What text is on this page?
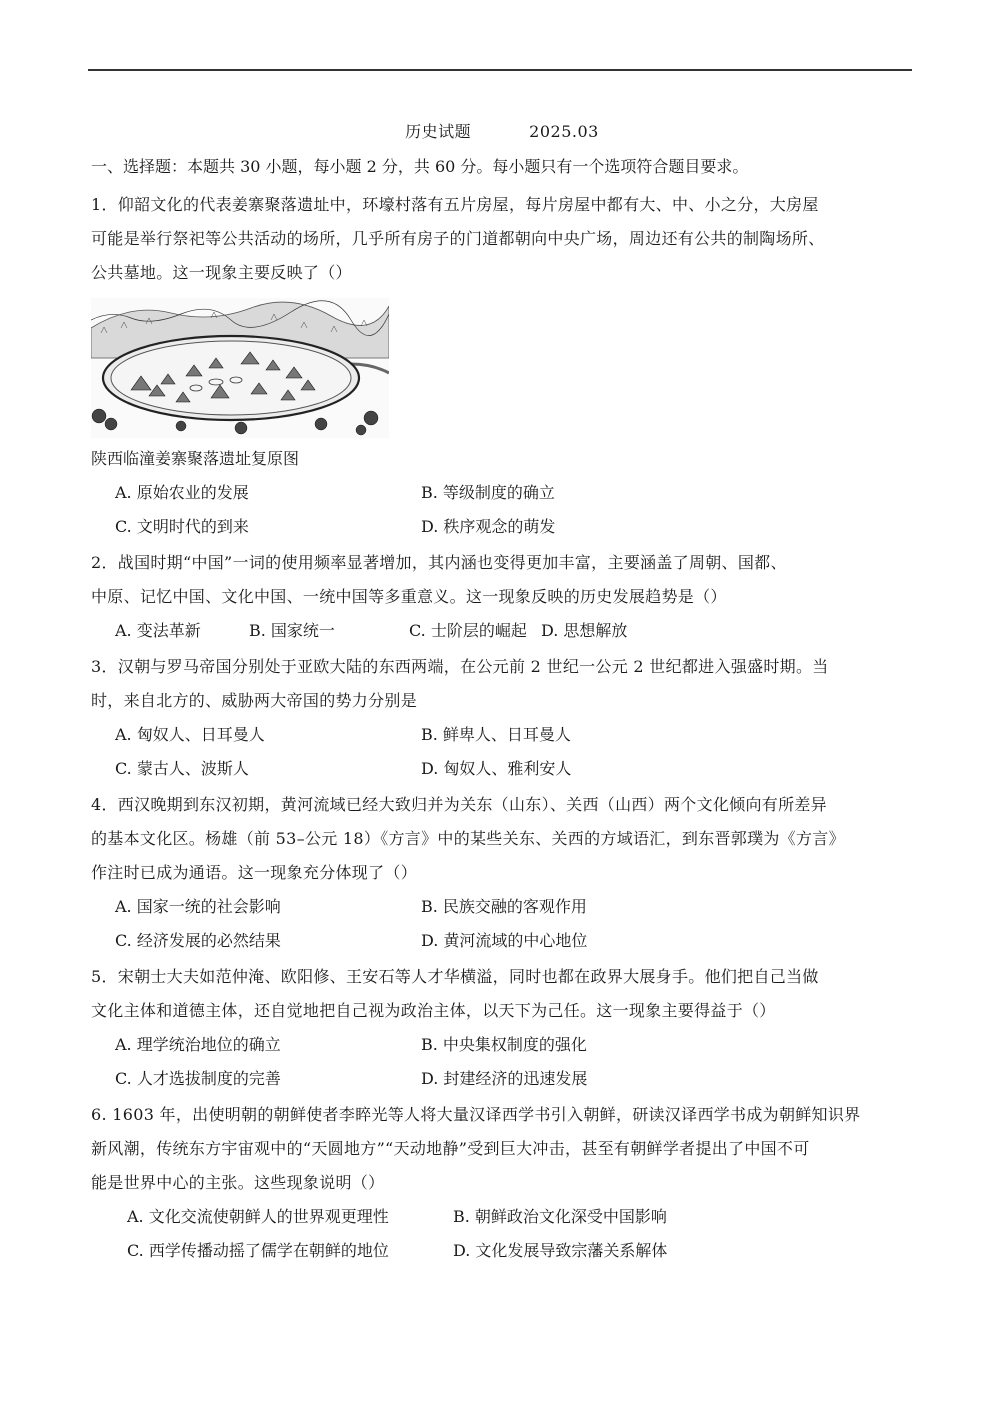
历史试题	2025.03
一、选择题：本题共 30 小题，每小题 2 分，共 60 分。每小题只有一个选项符合题目要求。
1．仰韶文化的代表姜寨聚落遗址中，环壕村落有五片房屋，每片房屋中都有大、中、小之分，大房屋
可能是举行祭祀等公共活动的场所，几乎所有房子的门道都朝向中央广场，周边还有公共的制陶场所、
公共墓地。这一现象主要反映了（）
陕西临潼姜寨聚落遗址复原图
A. 原始农业的发展	B. 等级制度的确立
C. 文明时代的到来	D. 秩序观念的萌发
2．战国时期“中国”一词的使用频率显著增加，其内涵也变得更加丰富，主要涵盖了周朝、国都、
中原、记忆中国、文化中国、一统中国等多重意义。这一现象反映的历史发展趋势是（）
A. 变法革新	B. 国家统一	C. 士阶层的崛起 D. 思想解放
3．汉朝与罗马帝国分别处于亚欧大陆的东西两端，在公元前 2 世纪一公元 2 世纪都进入强盛时期。当
时，来自北方的、威胁两大帝国的势力分别是
A. 匈奴人、日耳曼人	B. 鲜卑人、日耳曼人
C. 蒙古人、波斯人	D. 匈奴人、雅利安人
4．西汉晚期到东汉初期，黄河流域已经大致归并为关东（山东）、关西（山西）两个文化倾向有所差异
的基本文化区。杨雄（前 53–公元 18）《方言》中的某些关东、关西的方域语汇，到东晋郭璞为《方言》
作注时已成为通语。这一现象充分体现了（）
A. 国家一统的社会影响	B. 民族交融的客观作用
C. 经济发展的必然结果	D. 黄河流域的中心地位
5．宋朝士大夫如范仲淹、欧阳修、王安石等人才华横溢，同时也都在政界大展身手。他们把自己当做
文化主体和道德主体，还自觉地把自己视为政治主体，以天下为己任。这一现象主要得益于（）
A. 理学统治地位的确立	B. 中央集权制度的强化
C. 人才选拔制度的完善	D. 封建经济的迅速发展
6. 1603 年，出使明朝的朝鲜使者李睟光等人将大量汉译西学书引入朝鲜，研读汉译西学书成为朝鲜知识界
新风潮，传统东方宇宙观中的“天圆地方”“天动地静”受到巨大冲击，甚至有朝鲜学者提出了中国不可
能是世界中心的主张。这些现象说明（）
A. 文化交流使朝鲜人的世界观更理性	B. 朝鲜政治文化深受中国影响
C. 西学传播动摇了儒学在朝鲜的地位	D. 文化发展导致宗藩关系解体
